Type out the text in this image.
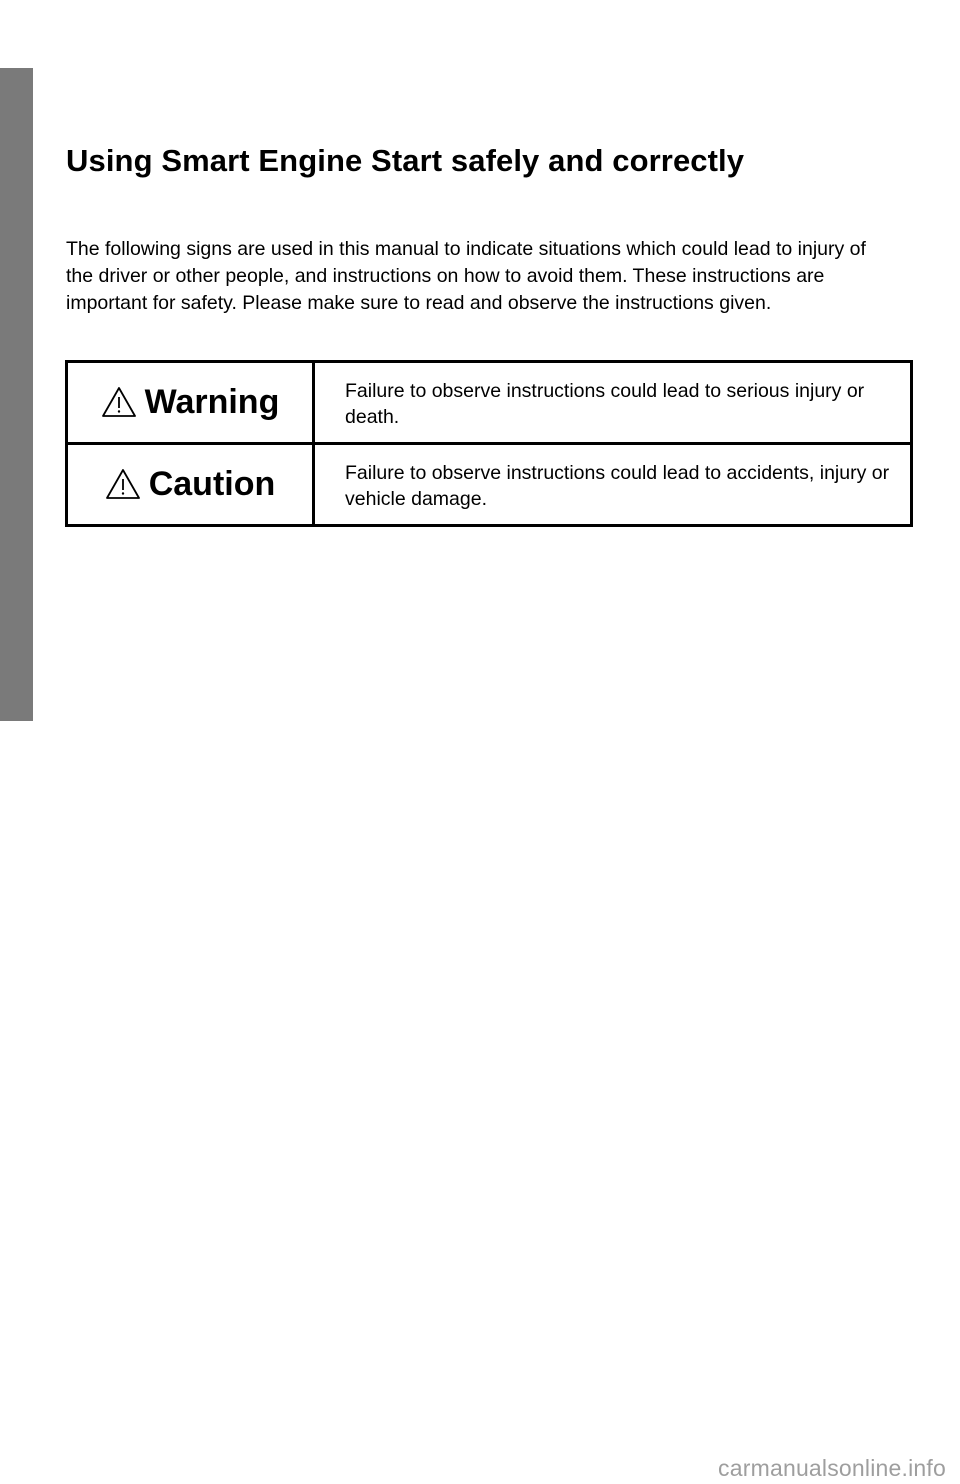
Using Smart Engine Start safely and correctly

The following signs are used in this manual to indicate situations which could lead to injury of the driver or other people, and instructions on how to avoid them. These instructions are important for safety. Please make sure to read and observe the instructions given.

Warning	Failure to observe instructions could lead to serious injury or death.

Caution	Failure to observe instructions could lead to accidents, injury or vehicle damage.
carmanualsonline.info
